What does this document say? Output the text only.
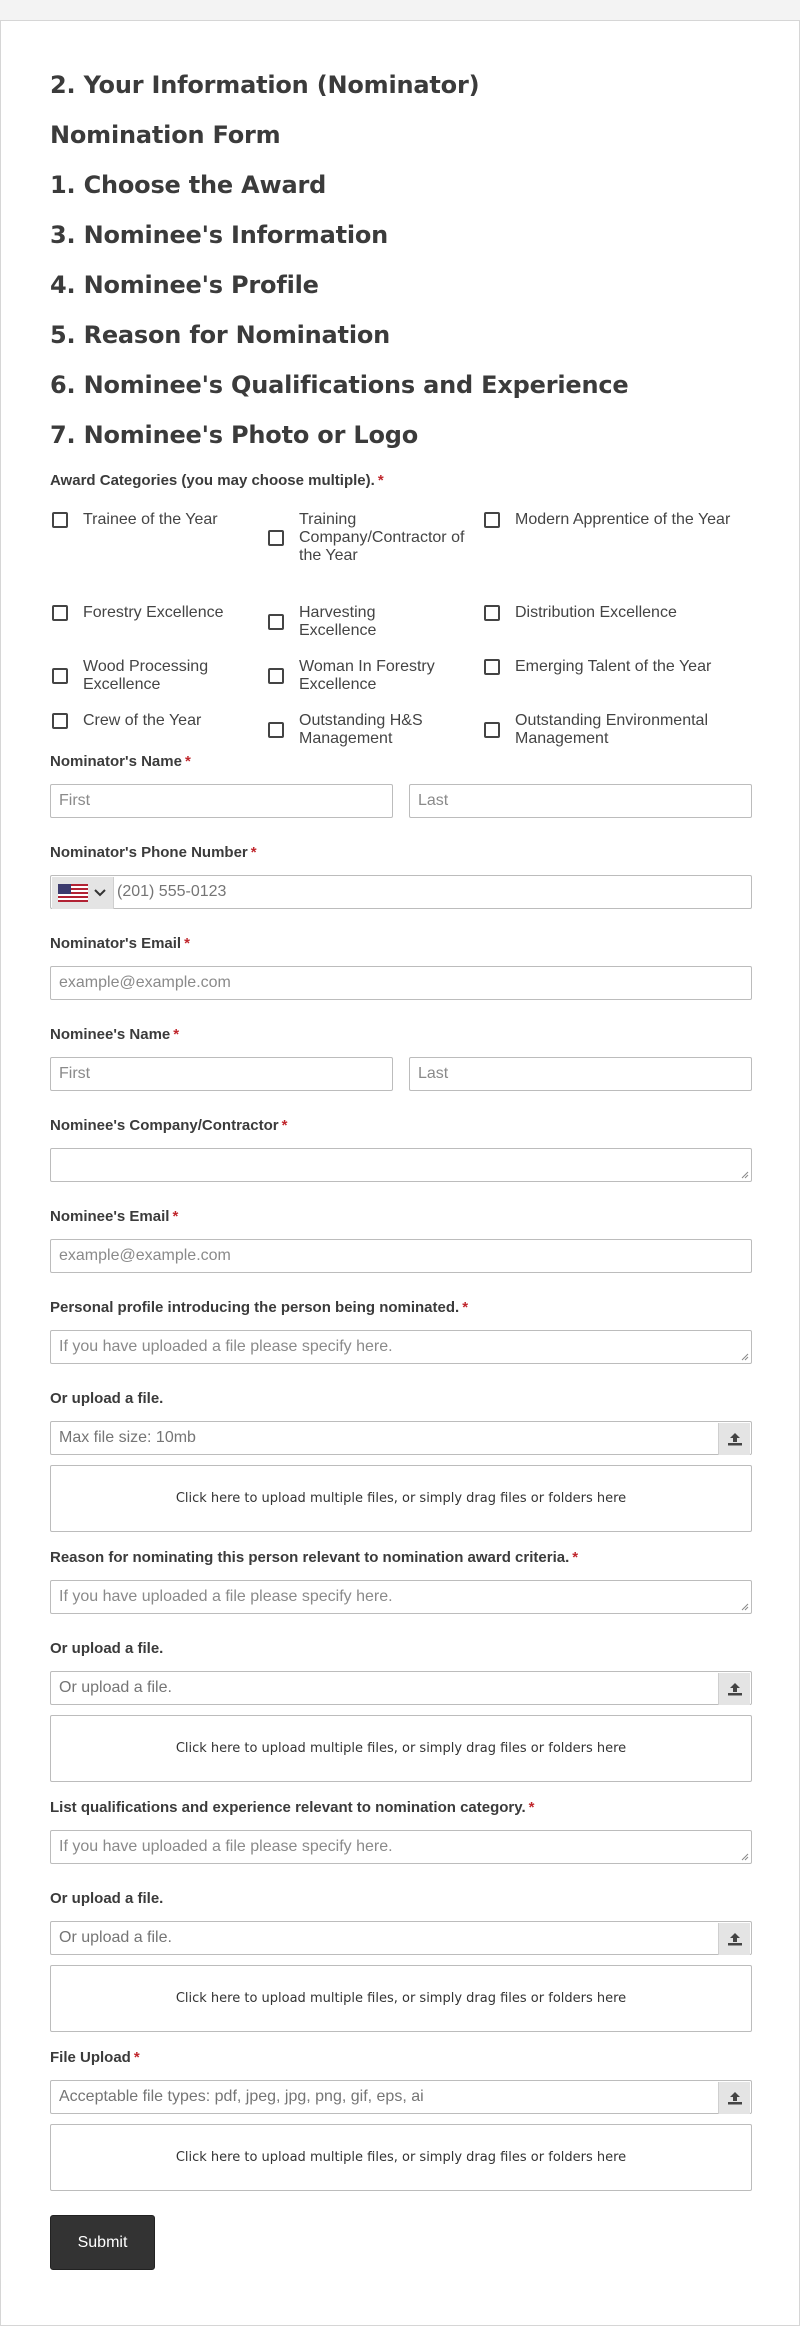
2. Your Information (Nominator)
Nomination Form
1. Choose the Award
3. Nominee's Information
4. Nominee's Profile
5. Reason for Nomination
6. Nominee's Qualifications and Experience
7. Nominee's Photo or Logo
Award Categories (you may choose multiple). *
Trainee of the Year	Training Company/Contractor of the Year
Modern Apprentice of the Year
Forestry Excellence	Harvesting Excellence
Distribution Excellence
Wood Processing Excellence
Woman In Forestry Excellence
Emerging Talent of the Year
Crew of the Year	Outstanding H&S Management
Outstanding Environmental Management
Nominator's Name *
First
Last
Nominator's Phone Number *
(201) 555-0123
Nominator's Email *
example@example.com
Nominee's Name *
First
Last
Nominee's Company/Contractor *
Nominee's Email *
example@example.com
Personal profile introducing the person being nominated. *
If you have uploaded a file please specify here.
Or upload a file.
Max file size: 10mb
Click here to upload multiple files, or simply drag files or folders here
Reason for nominating this person relevant to nomination award criteria. *
If you have uploaded a file please specify here.
Or upload a file.
Or upload a file.
Click here to upload multiple files, or simply drag files or folders here
List qualifications and experience relevant to nomination category. *
If you have uploaded a file please specify here.
Or upload a file.
Or upload a file.
Click here to upload multiple files, or simply drag files or folders here
File Upload *
Acceptable file types: pdf, jpeg, jpg, png, gif, eps, ai
Click here to upload multiple files, or simply drag files or folders here
Submit
